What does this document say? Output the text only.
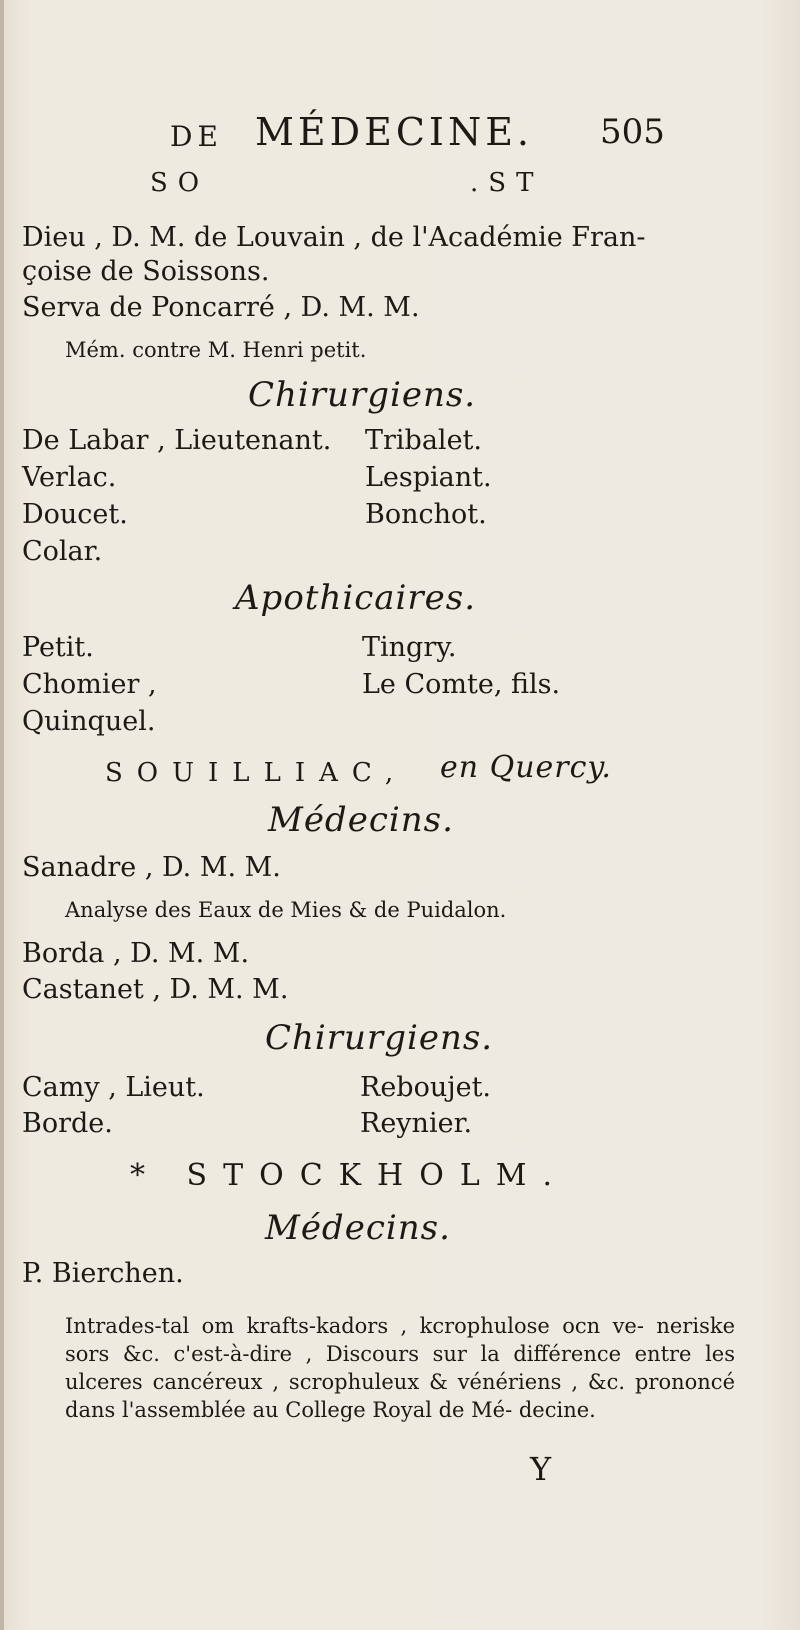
DE MÉDECINE. 505
SO	.ST
Dieu , D. M. de Louvain , de l'Académie Fran-
çoise de Soissons.
Serva de Poncarré , D. M. M.
Mém. contre M. Henri petit.
Chirurgiens.
De Labar , Lieutenant.
Verlac.
Doucet.
Colar.
Tribalet.
Lespiant.
Bonchot.
Apothicaires.
Petit.
Chomier ,
Quinquel.
Tingry.
Le Comte, fils.
SOUILLIAC, en Quercy.
Médecins.
Sanadre , D. M. M.
Analyse des Eaux de Mies & de Puidalon.
Borda , D. M. M.
Castanet , D. M. M.
Chirurgiens.
Camy , Lieut.
Borde.
Reboujet.
Reynier.
* STOCKHOLM.
Médecins.
P. Bierchen.
Intrades-tal om krafts-kadors , kcrophulose ocn ve- neriske sors &c. c'est-à-dire , Discours sur la différence entre les ulceres cancéreux , scrophuleux & vénériens , &c. prononcé dans l'assemblée au College Royal de Mé- decine.
Y
